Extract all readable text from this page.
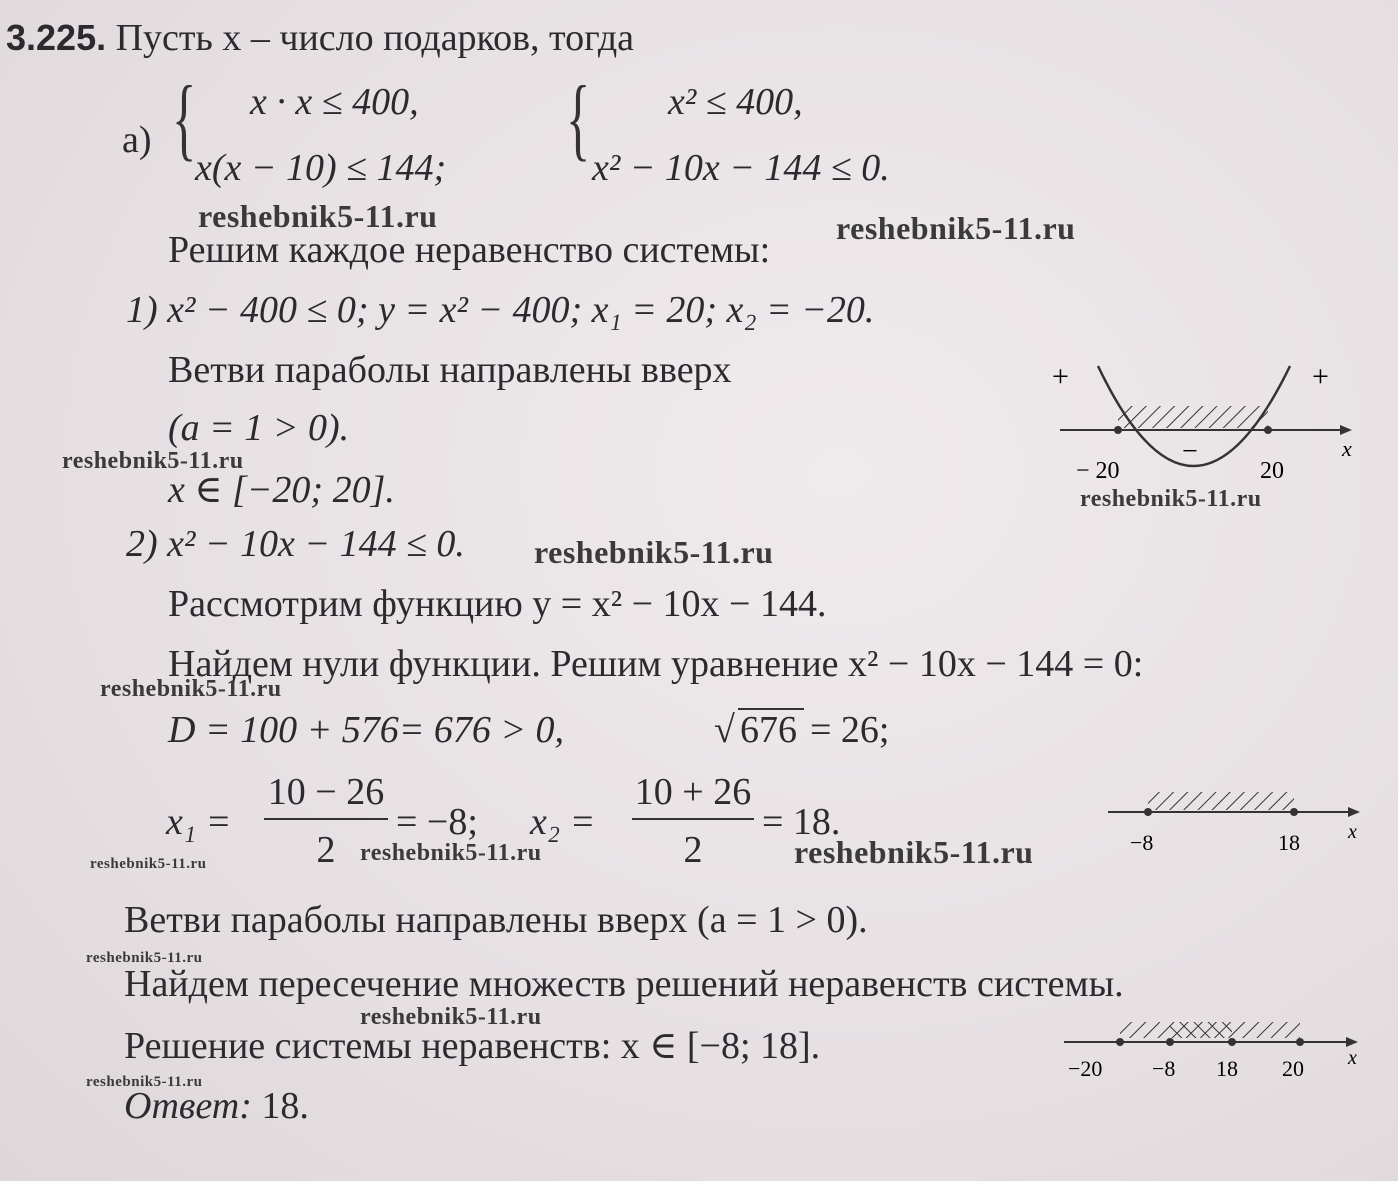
3.225. Пусть x – число подарков, тогда
а) { x · x ≤ 400,
x(x − 10) ≤ 144; { x² ≤ 400,
x² − 10x − 144 ≤ 0.
Решим каждое неравенство системы:
1) x² − 400 ≤ 0; y = x² − 400; x₁ = 20; x₂ = −20.
Ветви параболы направлены вверх
(a = 1 > 0).
x ∈ [−20; 20].
+	+
−
− 20	20
x
2) x² − 10x − 144 ≤ 0.
Рассмотрим функцию y = x² − 10x − 144.
Найдем нули функции. Решим уравнение x² − 10x − 144 = 0:
D = 100 + 576= 676 > 0,	√ 676 = 26;
x₁ =
10 − 26
2
= −8; x₂ =
10 + 26
2
= 18.	−8	18 x
Ветви параболы направлены вверх (a = 1 > 0).
Найдем пересечение множеств решений неравенств системы.
Решение системы неравенств: x ∈ [−8; 18].
Ответ: 18.
−20 −8 18 20 x
reshebnik5-11.ru	reshebnik5-11.ru
reshebnik5-11.ru
reshebnik5-11.ru
reshebnik5-11.ru
reshebnik5-11.ru
reshebnik5-11.ru	reshebnik5-11.ru	reshebnik5-11.ru
reshebnik5-11.ru
reshebnik5-11.ru
reshebnik5-11.ru
